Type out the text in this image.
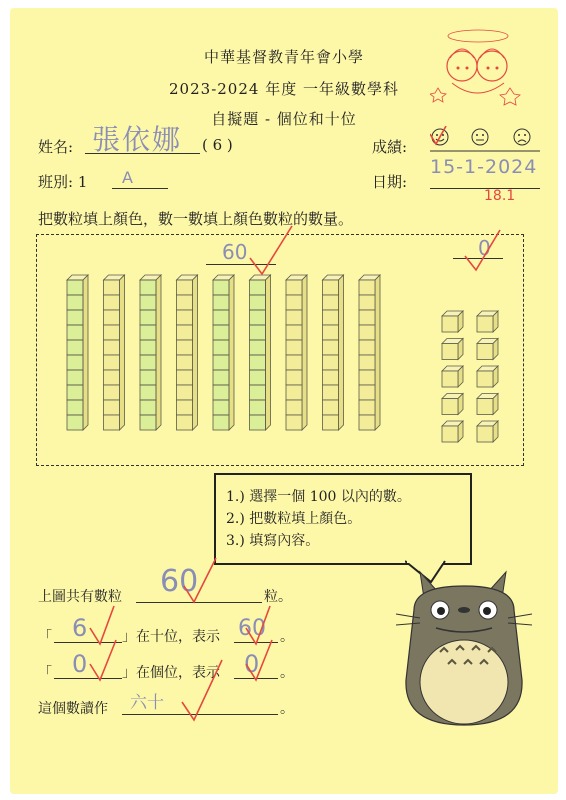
中華基督教青年會小學
2023-2024 年度 一年級數學科
自擬題 - 個位和十位
姓名: 張依娜 ( 6 )	成績:
班別: 1 A	日期:
15-1-2024
18.1
把數粒填上顏色，數一數填上顏色數粒的數量。
60	0
1.) 選擇一個 100 以內的數。
2.) 把數粒填上顏色。
3.) 填寫內容。
上圖共有數粒 60	粒。
「 6 」在十位，表示 60 。
「 0 」在個位，表示 0 。
這個數讀作 六十	。
